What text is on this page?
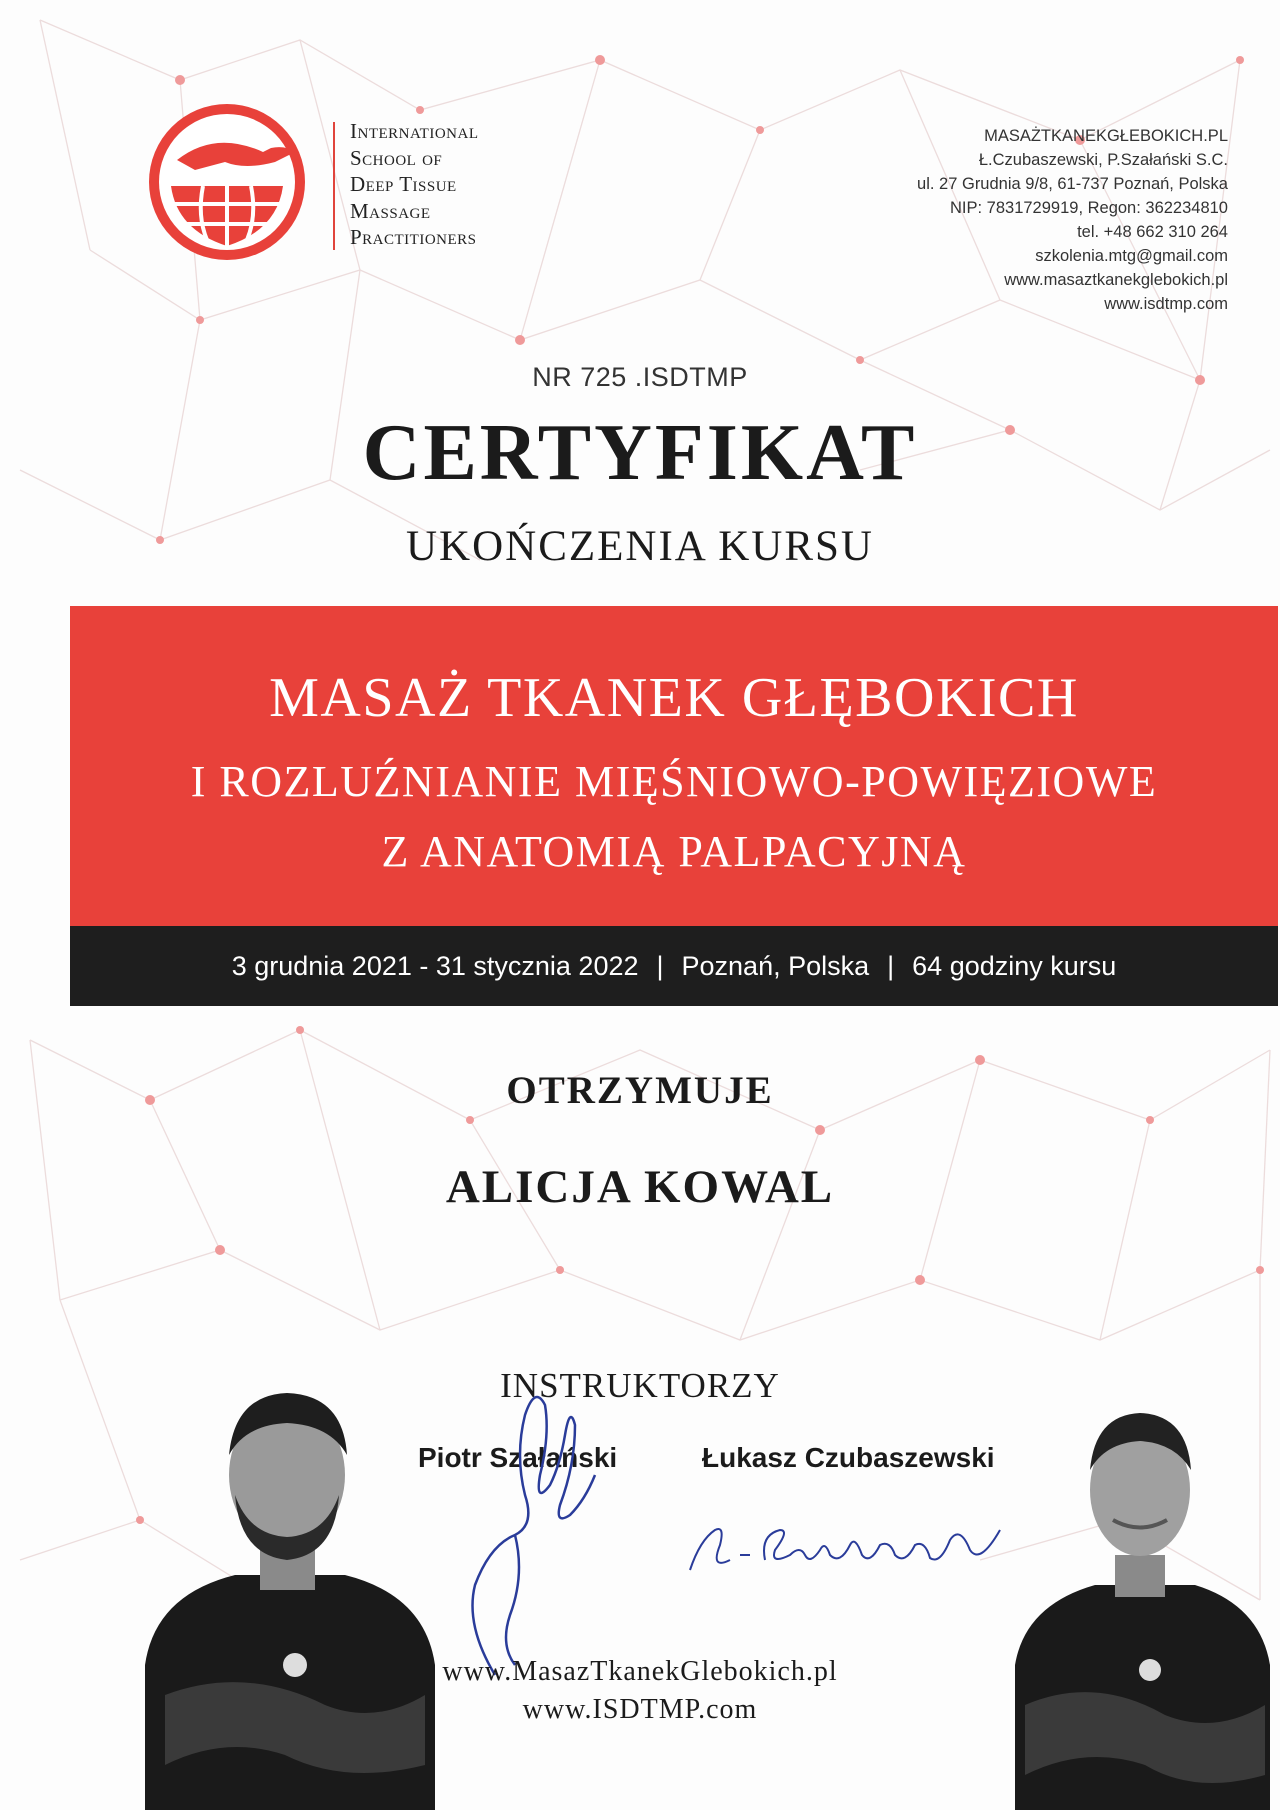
International
School of
Deep Tissue
Massage
Practitioners
MASAŻTKANEKGŁEBOKICH.PL
Ł.Czubaszewski, P.Szałański S.C.
ul. 27 Grudnia 9/8, 61-737 Poznań, Polska
NIP: 7831729919, Regon: 362234810
tel. +48 662 310 264
szkolenia.mtg@gmail.com
www.masaztkanekglebokich.pl
www.isdtmp.com
NR 725 .ISDTMP
CERTYFIKAT
UKOŃCZENIA KURSU
MASAŻ TKANEK GŁĘBOKICH
I ROZLUŹNIANIE MIĘŚNIOWO-POWIĘZIOWE
Z ANATOMIĄ PALPACYJNĄ
3 grudnia 2021 - 31 stycznia 2022 | Poznań, Polska | 64 godziny kursu
OTRZYMUJE
ALICJA KOWAL
INSTRUKTORZY
Piotr Szałański	Łukasz Czubaszewski
www.MasazTkanekGlebokich.pl
www.ISDTMP.com
